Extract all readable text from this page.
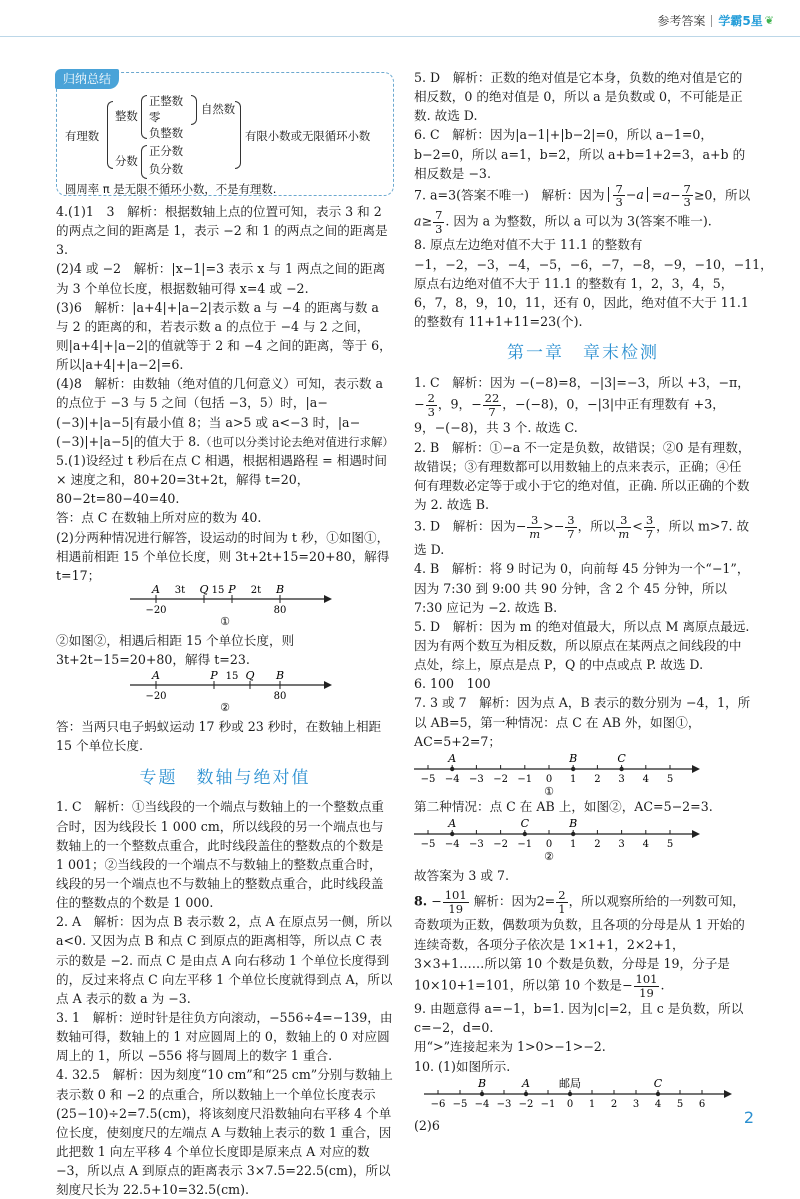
参考答案 学霸5星 ❦
归纳总结
有理数
整数
正整数
零
负整数
自然数
分数
正分数
负分数
有限小数或无限循环小数
圆周率 π 是无限不循环小数，不是有理数.

4.(1)1　3　解析：根据数轴上点的位置可知，表示 3 和 2 的两点之间的距离是 1，表示 −2 和 1 的两点之间的距离是 3.

(2)4 或 −2　解析：|x−1|=3 表示 x 与 1 两点之间的距离为 3 个单位长度，根据数轴可得 x=4 或 −2.

(3)6　解析：|a+4|+|a−2|表示数 a 与 −4 的距离与数 a 与 2 的距离的和，若表示数 a 的点位于 −4 与 2 之间，则|a+4|+|a−2|的值就等于 2 和 −4 之间的距离，等于 6，所以|a+4|+|a−2|=6.

(4)8　解析：由数轴（绝对值的几何意义）可知，表示数 a 的点位于 −3 与 5 之间（包括 −3，5）时，|a−(−3)|+|a−5|有最小值 8；当 a>5 或 a<−3 时，|a−(−3)|+|a−5|的值大于 8.（也可以分类讨论去绝对值进行求解）

5.(1)设经过 t 秒后在点 C 相遇，根据相遇路程 = 相遇时间 × 速度之和，80+20=3t+2t，解得 t=20，80−2t=80−40=40.

答：点 C 在数轴上所对应的数为 40.

(2)分两种情况进行解答，设运动的时间为 t 秒，①如图①，相遇前相距 15 个单位长度，则 3t+2t+15=20+80，解得 t=17；

A 3t Q 15 P 2t B
−20	80
①

②如图②，相遇后相距 15 个单位长度，则 3t+2t−15=20+80，解得 t=23.

A	P 15 Q B
−20	80
②

答：当两只电子蚂蚁运动 17 秒或 23 秒时，在数轴上相距 15 个单位长度.

专题　数轴与绝对值

1. C　解析：①当线段的一个端点与数轴上的一个整数点重合时，因为线段长 1 000 cm，所以线段的另一个端点也与数轴上的一个整数点重合，此时线段盖住的整数点的个数是 1 001；②当线段的一个端点不与数轴上的整数点重合时，线段的另一个端点也不与数轴上的整数点重合，此时线段盖住的整数点的个数是 1 000.

2. A　解析：因为点 B 表示数 2，点 A 在原点另一侧，所以 a<0. 又因为点 B 和点 C 到原点的距离相等，所以点 C 表示的数是 −2. 而点 C 是由点 A 向右移动 1 个单位长度得到的，反过来将点 C 向左平移 1 个单位长度就得到点 A，所以点 A 表示的数 a 为 −3.

3. 1　解析：逆时针是往负方向滚动，−556÷4=−139，由数轴可得，数轴上的 1 对应圆周上的 0，数轴上的 0 对应圆周上的 1，所以 −556 将与圆周上的数字 1 重合.

4. 32.5　解析：因为刻度“10 cm”和“25 cm”分别与数轴上表示数 0 和 −2 的点重合，所以数轴上一个单位长度表示(25−10)÷2=7.5(cm)，将该刻度尺沿数轴向右平移 4 个单位长度，使刻度尺的左端点 A 与数轴上表示的数 1 重合，因此把数 1 向左平移 4 个单位长度即是原来点 A 对应的数 −3，所以点 A 到原点的距离表示 3×7.5=22.5(cm)，所以刻度尺长为 22.5+10=32.5(cm).

5. D　解析：正数的绝对值是它本身，负数的绝对值是它的相反数，0 的绝对值是 0，所以 a 是负数或 0，不可能是正数. 故选 D.

6. C　解析：因为|a−1|+|b−2|=0，所以 a−1=0，b−2=0，所以 a=1，b=2，所以 a+b=1+2=3，a+b 的相反数是 −3.

7. a=3(答案不唯一)　解析：因为 $\frac{7}{3} -a =a- \frac{7}{3} \ge 0$，所以 $a\ge \frac{7}{3}$ . 因为 a 为整数，所以 a 可以为 3(答案不唯一).

8. 原点左边绝对值不大于 11.1 的整数有 −1，−2，−3，−4，−5，−6，−7，−8，−9，−10，−11，原点右边绝对值不大于 11.1 的整数有 1，2，3，4，5，6，7，8，9，10，11，还有 0，因此，绝对值不大于 11.1 的整数有 11+1+11=23(个).

第一章　章末检测

1. C　解析：因为 −(−8)=8，−|3|=−3，所以 +3，−π，− $\frac{2}{3}$ ，9，− $\frac{22}{7}$ ，−(−8)，0，−|3|中正有理数有 +3，9，−(−8)，共 3 个. 故选 C.

2. B　解析：①−a 不一定是负数，故错误；②0 是有理数，故错误；③有理数都可以用数轴上的点来表示，正确；④任何有理数必定等于或小于它的绝对值，正确. 所以正确的个数为 2. 故选 B.

3. D　解析：因为− $\frac{3}{m} >- \frac{3}{7}$ ，所以 $\frac{3}{m} < \frac{3}{7}$ ，所以 m>7. 故选 D.

4. B　解析：将 9 时记为 0，向前每 45 分钟为一个“−1”，因为 7:30 到 9:00 共 90 分钟，含 2 个 45 分钟，所以 7:30 应记为 −2. 故选 B.

5. D　解析：因为 m 的绝对值最大，所以点 M 离原点最远. 因为有两个数互为相反数，所以原点在某两点之间线段的中点处，综上，原点是点 P，Q 的中点或点 P. 故选 D.

6. 100　100

7. 3 或 7　解析：因为点 A，B 表示的数分别为 −4，1，所以 AB=5，第一种情况：点 C 在 AB 外，如图①，AC=5+2=7；

−5 −4 −3 −2 −1 0 1 2 3 4 5
A	B	C
①

第二种情况：点 C 在 AB 上，如图②，AC=5−2=3.

−5 −4 −3 −2 −1 0 1 2 3 4 5
A	C	B
②

故答案为 3 或 7.

8. − $\frac{101}{19}$ 解析：因为$2= \frac{2}{1}$ ，所以观察所给的一列数可知，奇数项为正数，偶数项为负数，且各项的分母是从 1 开始的连续奇数，各项分子依次是 1×1+1，2×2+1，3×3+1……所以第 10 个数是负数，分母是 19，分子是 10×10+1=101，所以第 10 个数是− $\frac{101}{19}$ .

9. 由题意得 a=−1，b=1. 因为|c|=2，且 c 是负数，所以 c=−2，d=0.

用“>”连接起来为 1>0>−1>−2.

10. (1)如图所示.

−6 −5 −4 −3 −2 −1 0 1 2 3 4 5 6
B	A	邮局	C

(2)6	2
